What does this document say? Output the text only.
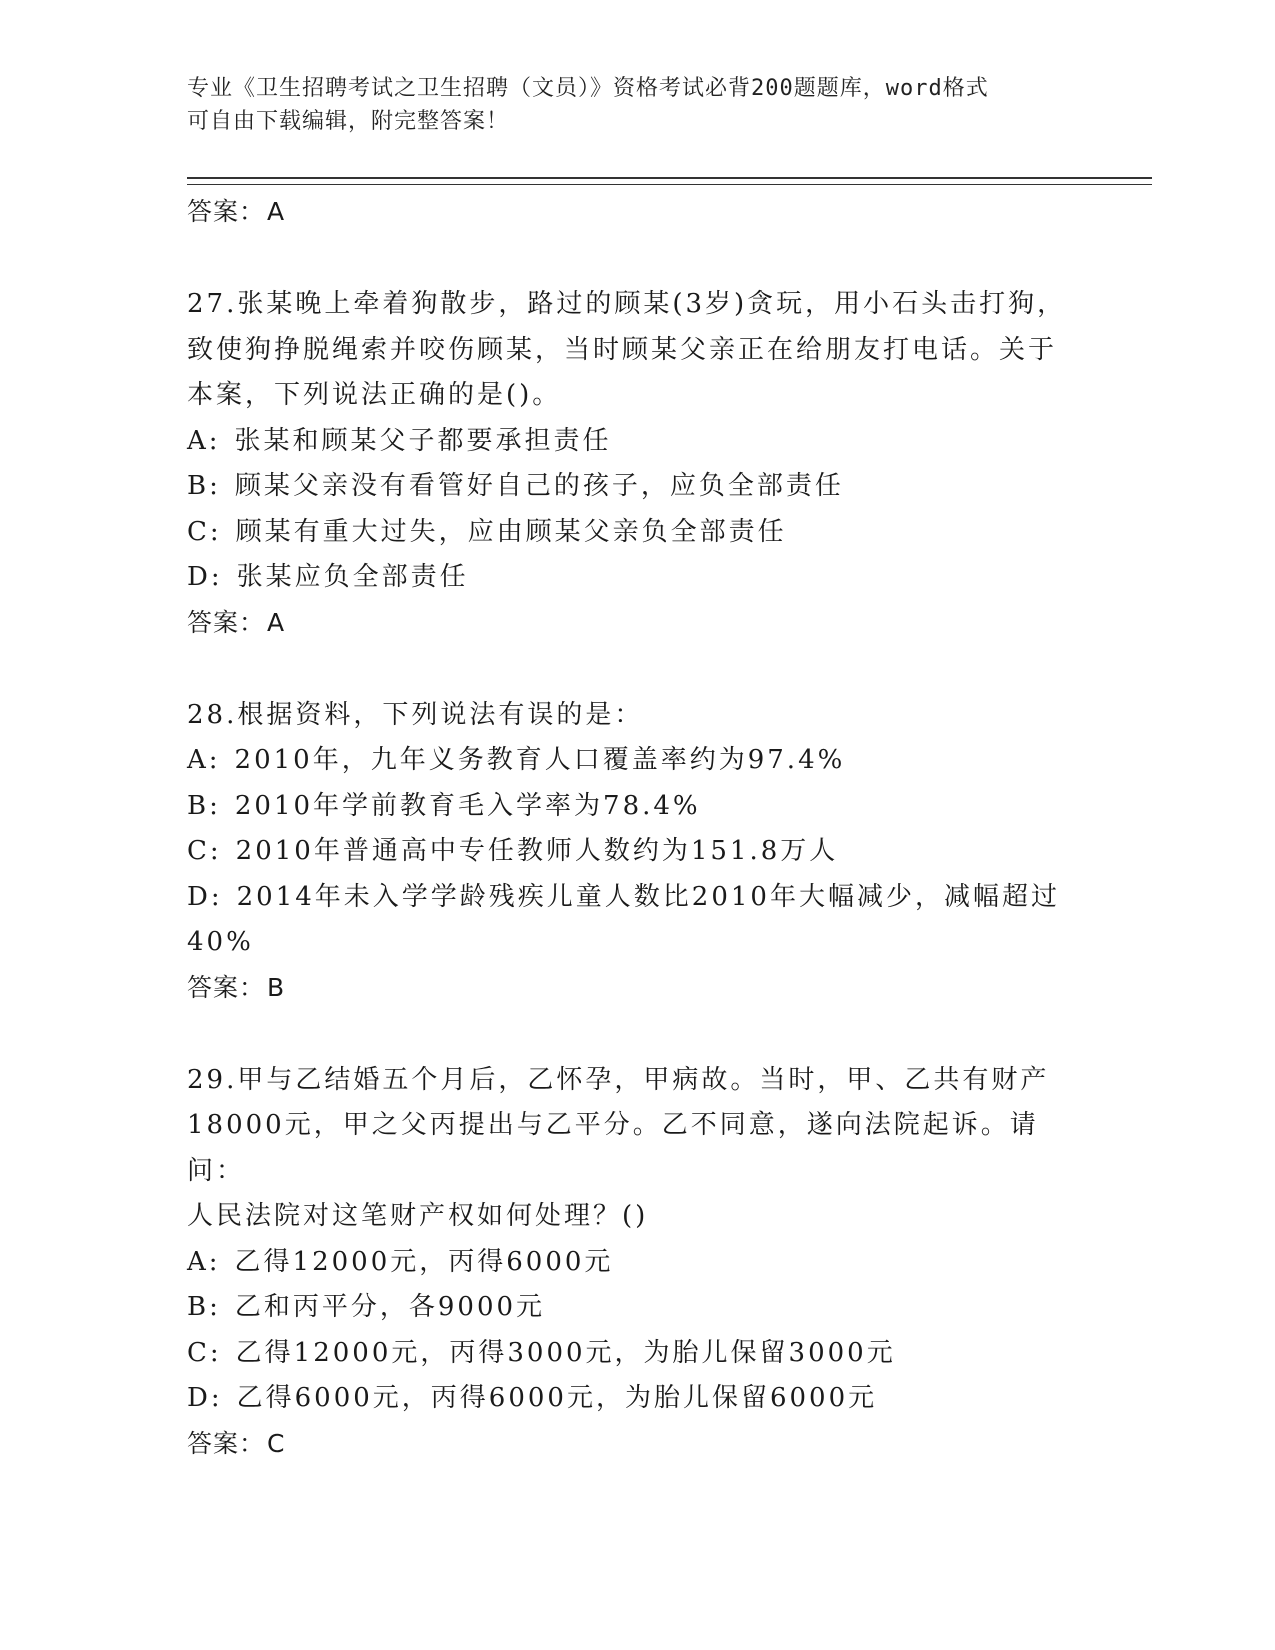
专业《卫生招聘考试之卫生招聘（文员）》资格考试必背200题题库，word格式
可自由下载编辑，附完整答案！

答案：A

27.张某晚上牵着狗散步，路过的顾某(3岁)贪玩，用小石头击打狗，

致使狗挣脱绳索并咬伤顾某，当时顾某父亲正在给朋友打电话。关于

本案，下列说法正确的是()。

A: 张某和顾某父子都要承担责任

B: 顾某父亲没有看管好自己的孩子，应负全部责任

C: 顾某有重大过失，应由顾某父亲负全部责任

D: 张某应负全部责任

答案：A

28.根据资料，下列说法有误的是：

A: 2010年，九年义务教育人口覆盖率约为97.4%

B: 2010年学前教育毛入学率为78.4%

C: 2010年普通高中专任教师人数约为151.8万人

D: 2014年未入学学龄残疾儿童人数比2010年大幅减少，减幅超过

40%

答案：B

29.甲与乙结婚五个月后，乙怀孕，甲病故。当时，甲、乙共有财产

18000元，甲之父丙提出与乙平分。乙不同意，遂向法院起诉。请问：

人民法院对这笔财产权如何处理？()

A: 乙得12000元，丙得6000元

B: 乙和丙平分，各9000元

C: 乙得12000元，丙得3000元，为胎儿保留3000元

D: 乙得6000元，丙得6000元，为胎儿保留6000元

答案：C
